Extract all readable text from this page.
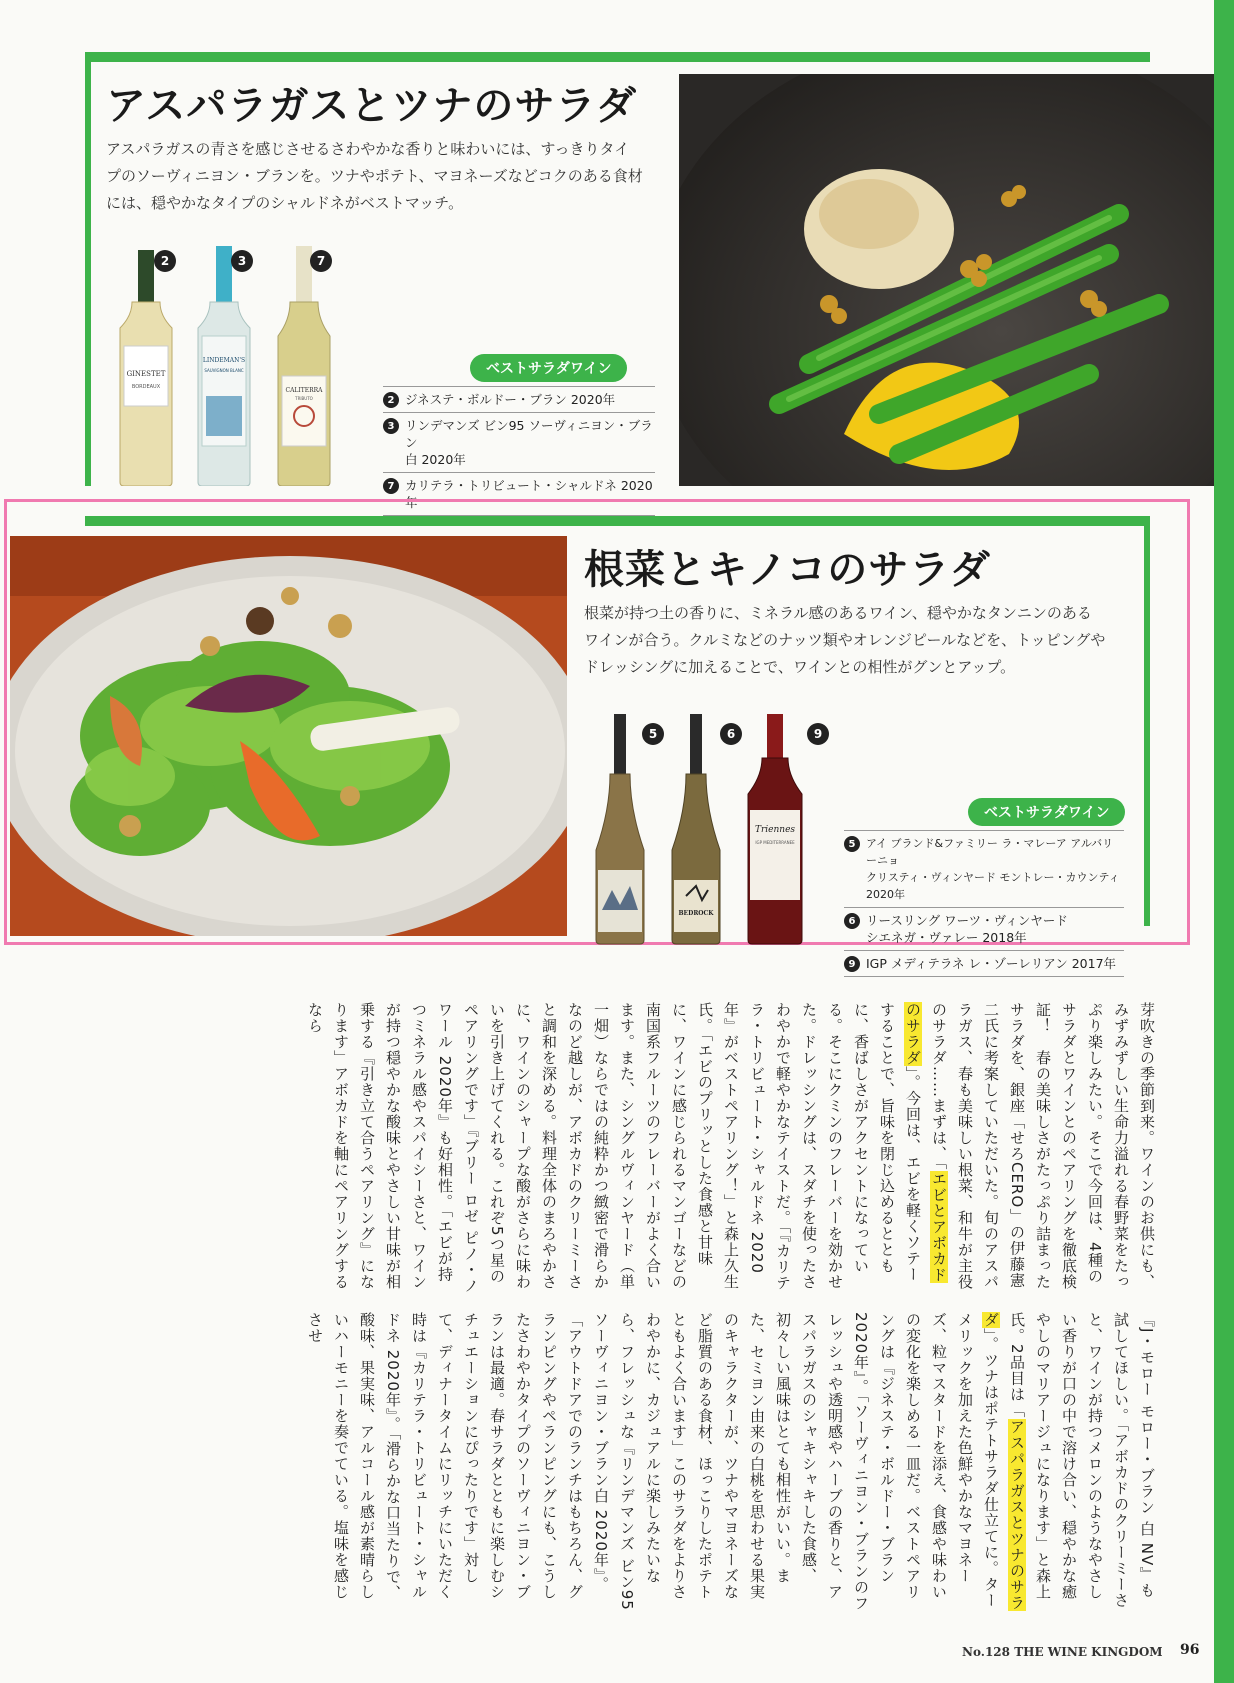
アスパラガスとツナのサラダ
アスパラガスの青さを感じさせるさわやかな香りと味わいには、すっきりタイ
プのソーヴィニヨン・ブランを。ツナやポテト、マヨネーズなどコクのある食材
には、穏やかなタイプのシャルドネがベストマッチ。
GINESTET
BORDEAUX
LINDEMAN'S
SAUVIGNON BLANC
CALITERRA
TRIBUTO
2	3	7
ベストサラダワイン
2 ジネステ・ボルドー・ブラン 2020年
3 リンデマンズ ビン95 ソーヴィニヨン・ブラン
白 2020年
7 カリテラ・トリビュート・シャルドネ 2020年
根菜とキノコのサラダ
根菜が持つ土の香りに、ミネラル感のあるワイン、穏やかなタンニンのある
ワインが合う。クルミなどのナッツ類やオレンジピールなどを、トッピングや
ドレッシングに加えることで、ワインとの相性がグンとアップ。
BEDROCK
Triennes
IGP MEDITERRANEE
5	6	9
ベストサラダワイン
5 アイ ブランド&ファミリー ラ・マレーア アルバリーニョ
クリスティ・ヴィンヤード モントレー・カウンティ 2020年
6 リースリング ワーツ・ヴィンヤード
シエネガ・ヴァレー 2018年
9 IGP メディテラネ レ・ゾーレリアン 2017年
芽吹きの季節到来。ワインのお供にも、みずみずしい生命力溢れる春野菜をたっぷり楽しみたい。そこで今回は、4種のサラダとワインとのペアリングを徹底検証！　春の美味しさがたっぷり詰まったサラダを、銀座「せろCERO」の伊藤憲二氏に考案していただいた。旬のアスパラガス、春も美味しい根菜、和牛が主役のサラダ……まずは、「エビとアボカドのサラダ」。今回は、エビを軽くソテーすることで、旨味を閉じ込めるとともに、香ばしさがアクセントになっている。そこにクミンのフレーバーを効かせた。ドレッシングは、スダチを使ったさわやかで軽やかなテイストだ。「『カリテラ・トリビュート・シャルドネ 2020年』がベストペアリング！」と森上久生氏。「エビのプリッとした食感と甘味に、ワインに感じられるマンゴーなどの南国系フルーツのフレーバーがよく合います。また、シングルヴィンヤード（単一畑）ならではの純粋かつ緻密で滑らかなのど越しが、アボカドのクリーミーさと調和を深める。料理全体のまろやかさに、ワインのシャープな酸がさらに味わいを引き上げてくれる。これぞ5つ星のペアリングです」『ブリー ロゼ ピノ・ノワール 2020年』も好相性。「エビが持つミネラル感やスパイシーさと、ワインが持つ穏やかな酸味とやさしい甘味が相乗する『引き立て合うペアリング』になります」アボカドを軸にペアリングするなら
『J・モロー モロー・ブラン 白 NV』も試してほしい。「アボカドのクリーミーさと、ワインが持つメロンのようなやさしい香りが口の中で溶け合い、穏やかな癒やしのマリアージュになります」と森上氏。2品目は「アスパラガスとツナのサラダ」。ツナはポテトサラダ仕立てに。ターメリックを加えた色鮮やかなマヨネーズ、粒マスタードを添え、食感や味わいの変化を楽しめる一皿だ。ベストペアリングは『ジネステ・ボルドー・ブラン 2020年』。「ソーヴィニヨン・ブランのフレッシュや透明感やハーブの香りと、アスパラガスのシャキシャキした食感、初々しい風味はとても相性がいい。また、セミヨン由来の白桃を思わせる果実のキャラクターが、ツナやマヨネーズなど脂質のある食材、ほっこりしたポテトともよく合います」このサラダをよりさわやかに、カジュアルに楽しみたいなら、フレッシュな『リンデマンズ ビン95 ソーヴィニヨン・ブラン白 2020年』。「アウトドアでのランチはもちろん、グランピングやペランピングにも、こうしたさわやかタイプのソーヴィニヨン・ブランは最適。春サラダとともに楽しむシチュエーションにぴったりです」対して、ディナータイムにリッチにいただく時は『カリテラ・トリビュート・シャルドネ 2020年』。「滑らかな口当たりで、酸味、果実味、アルコール感が素晴らしいハーモニーを奏でている。塩味を感じさせ
No.128 THE WINE KINGDOM 96
